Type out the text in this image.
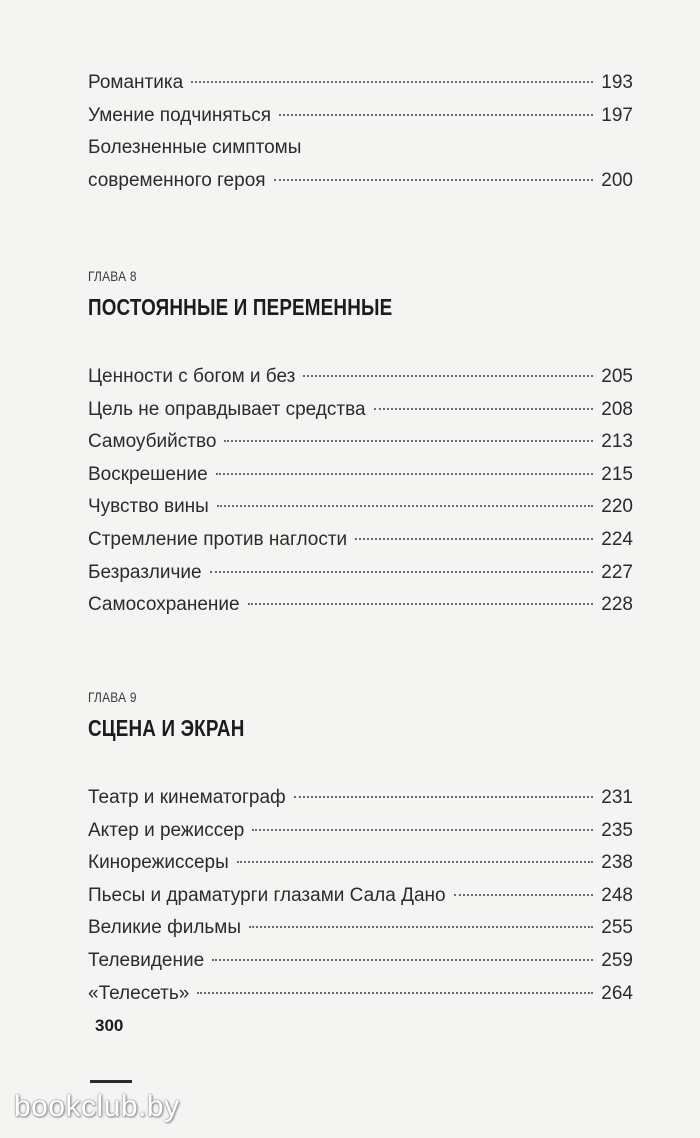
Романтика	193
Умение подчиняться	197
Болезненные симптомы
современного героя	200
ГЛАВА 8
ПОСТОЯННЫЕ И ПЕРЕМЕННЫЕ
Ценности с богом и без	205
Цель не оправдывает средства	208
Самоубийство	213
Воскрешение	215
Чувство вины	220
Стремление против наглости	224
Безразличие	227
Самосохранение	228
ГЛАВА 9
СЦЕНА И ЭКРАН
Театр и кинематограф	231
Актер и режиссер	235
Кинорежиссеры	238
Пьесы и драматурги глазами Сала Дано	248
Великие фильмы	255
Телевидение	259
«Телесеть»	264
300
bookclub.by
